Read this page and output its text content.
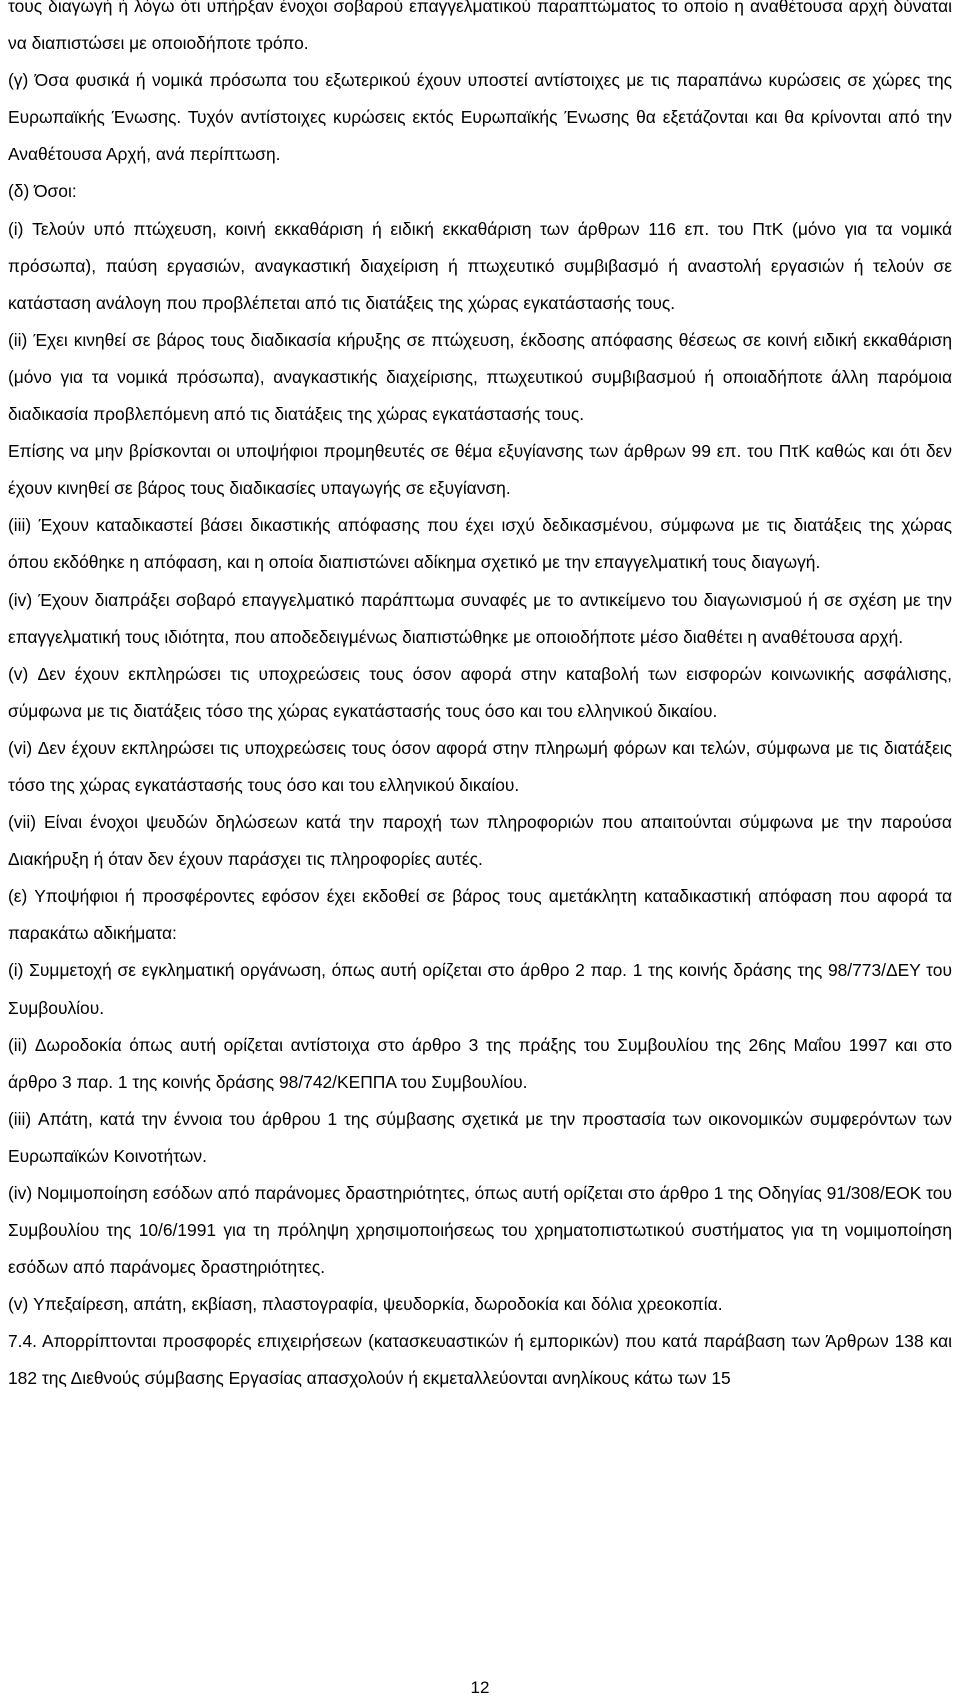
τους διαγωγή ή λόγω ότι υπήρξαν ένοχοι σοβαρού επαγγελματικού παραπτώματος το οποίο η αναθέτουσα αρχή δύναται να διαπιστώσει με οποιοδήποτε τρόπο.

(γ) Όσα φυσικά ή νομικά πρόσωπα του εξωτερικού έχουν υποστεί αντίστοιχες με τις παραπάνω κυρώσεις σε χώρες της Ευρωπαϊκής Ένωσης. Τυχόν αντίστοιχες κυρώσεις εκτός Ευρωπαϊκής Ένωσης θα εξετάζονται και θα κρίνονται από την Αναθέτουσα Αρχή, ανά περίπτωση.

(δ) Όσοι:

(i) Τελούν υπό πτώχευση, κοινή εκκαθάριση ή ειδική εκκαθάριση των άρθρων 116 επ. του ΠτΚ (μόνο για τα νομικά πρόσωπα), παύση εργασιών, αναγκαστική διαχείριση ή πτωχευτικό συμβιβασμό ή αναστολή εργασιών ή τελούν σε κατάσταση ανάλογη που προβλέπεται από τις διατάξεις της χώρας εγκατάστασής τους.

(ii) Έχει κινηθεί σε βάρος τους διαδικασία κήρυξης σε πτώχευση, έκδοσης απόφασης θέσεως σε κοινή ειδική εκκαθάριση (μόνο για τα νομικά πρόσωπα), αναγκαστικής διαχείρισης, πτωχευτικού συμβιβασμού ή οποιαδήποτε άλλη παρόμοια διαδικασία προβλεπόμενη από τις διατάξεις της χώρας εγκατάστασής τους.

Επίσης να μην βρίσκονται οι υποψήφιοι προμηθευτές σε θέμα εξυγίανσης των άρθρων 99 επ. του ΠτΚ καθώς και ότι δεν έχουν κινηθεί σε βάρος τους διαδικασίες υπαγωγής σε εξυγίανση.

(iii) Έχουν καταδικαστεί βάσει δικαστικής απόφασης που έχει ισχύ δεδικασμένου, σύμφωνα με τις διατάξεις της χώρας όπου εκδόθηκε η απόφαση, και η οποία διαπιστώνει αδίκημα σχετικό με την επαγγελματική τους διαγωγή.

(iv) Έχουν διαπράξει σοβαρό επαγγελματικό παράπτωμα συναφές με το αντικείμενο του διαγωνισμού ή σε σχέση με την επαγγελματική τους ιδιότητα, που αποδεδειγμένως διαπιστώθηκε με οποιοδήποτε μέσο διαθέτει η αναθέτουσα αρχή.

(v) Δεν έχουν εκπληρώσει τις υποχρεώσεις τους όσον αφορά στην καταβολή των εισφορών κοινωνικής ασφάλισης, σύμφωνα με τις διατάξεις τόσο της χώρας εγκατάστασής τους όσο και του ελληνικού δικαίου.

(vi) Δεν έχουν εκπληρώσει τις υποχρεώσεις τους όσον αφορά στην πληρωμή φόρων και τελών, σύμφωνα με τις διατάξεις τόσο της χώρας εγκατάστασής τους όσο και του ελληνικού δικαίου.

(vii) Είναι ένοχοι ψευδών δηλώσεων κατά την παροχή των πληροφοριών που απαιτούνται σύμφωνα με την παρούσα Διακήρυξη ή όταν δεν έχουν παράσχει τις πληροφορίες αυτές.

(ε) Υποψήφιοι ή προσφέροντες εφόσον έχει εκδοθεί σε βάρος τους αμετάκλητη καταδικαστική απόφαση που αφορά τα παρακάτω αδικήματα:

(i) Συμμετοχή σε εγκληματική οργάνωση, όπως αυτή ορίζεται στο άρθρο 2 παρ. 1 της κοινής δράσης της 98/773/ΔΕΥ του Συμβουλίου.

(ii) Δωροδοκία όπως αυτή ορίζεται αντίστοιχα στο άρθρο 3 της πράξης του Συμβουλίου της 26ης Μαΐου 1997 και στο άρθρο 3 παρ. 1 της κοινής δράσης 98/742/ΚΕΠΠΑ του Συμβουλίου.

(iii) Απάτη, κατά την έννοια του άρθρου 1 της σύμβασης σχετικά με την προστασία των οικονομικών συμφερόντων των Ευρωπαϊκών Κοινοτήτων.

(iv) Νομιμοποίηση εσόδων από παράνομες δραστηριότητες, όπως αυτή ορίζεται στο άρθρο 1 της Οδηγίας 91/308/ΕΟΚ του Συμβουλίου της 10/6/1991 για τη πρόληψη χρησιμοποιήσεως του χρηματοπιστωτικού συστήματος για τη νομιμοποίηση εσόδων από παράνομες δραστηριότητες.

(v) Υπεξαίρεση, απάτη, εκβίαση, πλαστογραφία, ψευδορκία, δωροδοκία και δόλια χρεοκοπία.

7.4. Απορρίπτονται προσφορές επιχειρήσεων (κατασκευαστικών ή εμπορικών) που κατά παράβαση των Άρθρων 138 και 182 της Διεθνούς σύμβασης Εργασίας απασχολούν ή εκμεταλλεύονται ανηλίκους κάτω των 15

12
